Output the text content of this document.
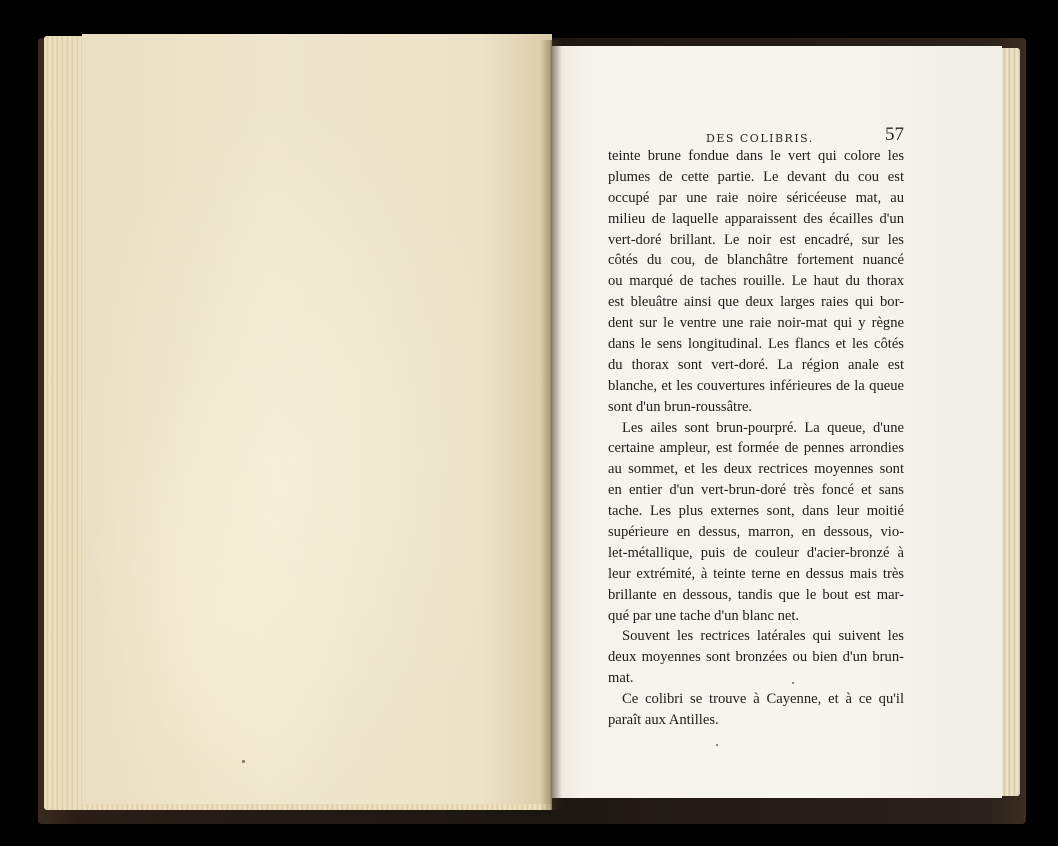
DES COLIBRIS.	57
teinte brune fondue dans le vert qui colore les
plumes de cette partie. Le devant du cou est
occupé par une raie noire séricéeuse mat, au
milieu de laquelle apparaissent des écailles d'un
vert-doré brillant. Le noir est encadré, sur les
côtés du cou, de blanchâtre fortement nuancé
ou marqué de taches rouille. Le haut du thorax
est bleuâtre ainsi que deux larges raies qui bor-
dent sur le ventre une raie noir-mat qui y règne
dans le sens longitudinal. Les flancs et les côtés
du thorax sont vert-doré. La région anale est
blanche, et les couvertures inférieures de la queue
sont d'un brun-roussâtre.
Les ailes sont brun-pourpré. La queue, d'une
certaine ampleur, est formée de pennes arrondies
au sommet, et les deux rectrices moyennes sont
en entier d'un vert-brun-doré très foncé et sans
tache. Les plus externes sont, dans leur moitié
supérieure en dessus, marron, en dessous, vio-
let-métallique, puis de couleur d'acier-bronzé à
leur extrémité, à teinte terne en dessus mais très
brillante en dessous, tandis que le bout est mar-
qué par une tache d'un blanc net.
Souvent les rectrices latérales qui suivent les
deux moyennes sont bronzées ou bien d'un brun-
mat.
Ce colibri se trouve à Cayenne, et à ce qu'il
paraît aux Antilles.
